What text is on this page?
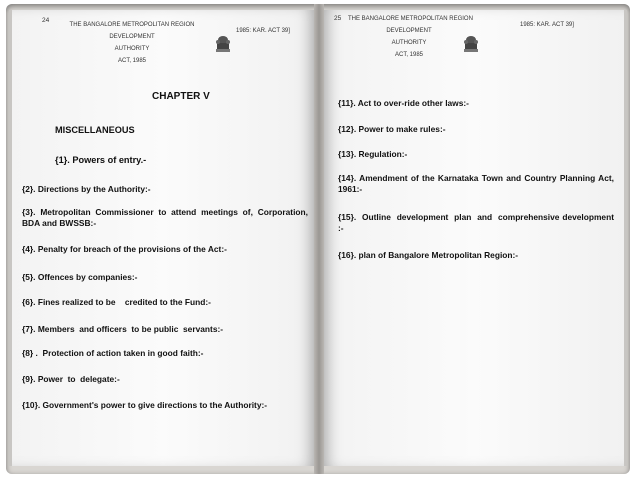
24
THE BANGALORE METROPOLITAN REGION
DEVELOPMENT
AUTHORITY
ACT, 1985
1985: KAR. ACT 39]
CHAPTER V
MISCELLANEOUS
{1}. Powers of entry.-
{2}. Directions by the Authority:-
{3}. Metropolitan Commissioner to attend meetings of, Corporation, BDA and BWSSB:-
{4}. Penalty for breach of the provisions of the Act:-
{5}. Offences by companies:-
{6}. Fines realized to be    credited to the Fund:-
{7}. Members  and officers  to be public  servants:-
{8} .  Protection of action taken in good faith:-
{9}. Power  to  delegate:-
{10}. Government's power to give directions to the Authority:-
25 THE BANGALORE METROPOLITAN REGION
DEVELOPMENT
AUTHORITY
ACT, 1985
1985: KAR. ACT 39]
{11}. Act to over-ride other laws:-
{12}. Power to make rules:-
{13}. Regulation:-
{14}. Amendment of the Karnataka Town and Country Planning Act, 1961:-
{15}.  Outline  development  plan  and  comprehensive development :-
{16}. plan of Bangalore Metropolitan Region:-
